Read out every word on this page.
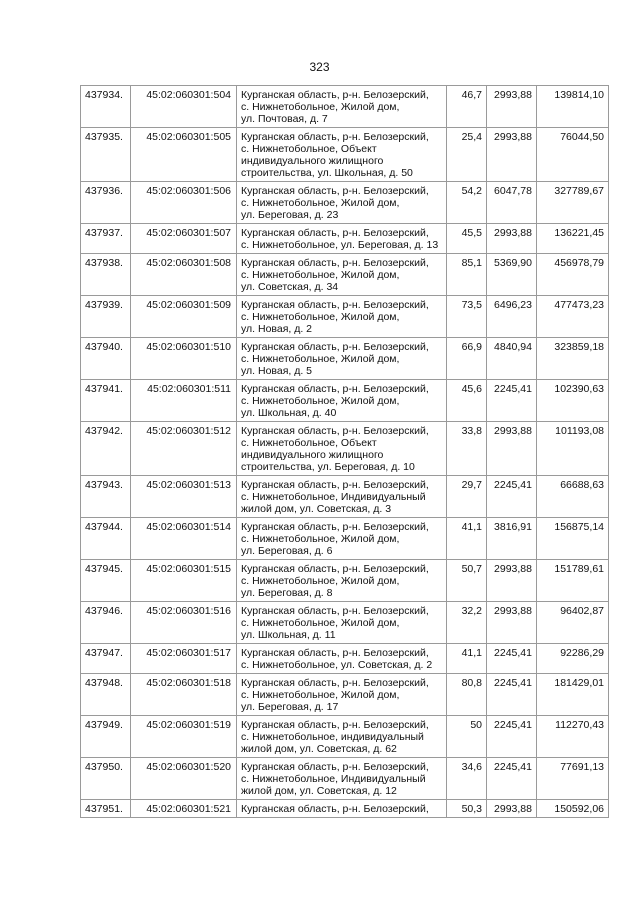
323
437934.	45:02:060301:504	Курганская область, р-н. Белозерский,
с. Нижнетобольное, Жилой дом,
ул. Почтовая, д. 7	46,7	2993,88	139814,10
437935.	45:02:060301:505	Курганская область, р-н. Белозерский,
с. Нижнетобольное, Объект
индивидуального жилищного
строительства, ул. Школьная, д. 50	25,4	2993,88	76044,50
437936.	45:02:060301:506	Курганская область, р-н. Белозерский,
с. Нижнетобольное, Жилой дом,
ул. Береговая, д. 23	54,2	6047,78	327789,67
437937.	45:02:060301:507	Курганская область, р-н. Белозерский,
с. Нижнетобольное, ул. Береговая, д. 13	45,5	2993,88	136221,45
437938.	45:02:060301:508	Курганская область, р-н. Белозерский,
с. Нижнетобольное, Жилой дом,
ул. Советская, д. 34	85,1	5369,90	456978,79
437939.	45:02:060301:509	Курганская область, р-н. Белозерский,
с. Нижнетобольное, Жилой дом,
ул. Новая, д. 2	73,5	6496,23	477473,23
437940.	45:02:060301:510	Курганская область, р-н. Белозерский,
с. Нижнетобольное, Жилой дом,
ул. Новая, д. 5	66,9	4840,94	323859,18
437941.	45:02:060301:511	Курганская область, р-н. Белозерский,
с. Нижнетобольное, Жилой дом,
ул. Школьная, д. 40	45,6	2245,41	102390,63
437942.	45:02:060301:512	Курганская область, р-н. Белозерский,
с. Нижнетобольное, Объект
индивидуального жилищного
строительства, ул. Береговая, д. 10	33,8	2993,88	101193,08
437943.	45:02:060301:513	Курганская область, р-н. Белозерский,
с. Нижнетобольное, Индивидуальный
жилой дом, ул. Советская, д. 3	29,7	2245,41	66688,63
437944.	45:02:060301:514	Курганская область, р-н. Белозерский,
с. Нижнетобольное, Жилой дом,
ул. Береговая, д. 6	41,1	3816,91	156875,14
437945.	45:02:060301:515	Курганская область, р-н. Белозерский,
с. Нижнетобольное, Жилой дом,
ул. Береговая, д. 8	50,7	2993,88	151789,61
437946.	45:02:060301:516	Курганская область, р-н. Белозерский,
с. Нижнетобольное, Жилой дом,
ул. Школьная, д. 11	32,2	2993,88	96402,87
437947.	45:02:060301:517	Курганская область, р-н. Белозерский,
с. Нижнетобольное, ул. Советская, д. 2	41,1	2245,41	92286,29
437948.	45:02:060301:518	Курганская область, р-н. Белозерский,
с. Нижнетобольное, Жилой дом,
ул. Береговая, д. 17	80,8	2245,41	181429,01
437949.	45:02:060301:519	Курганская область, р-н. Белозерский,
с. Нижнетобольное, индивидуальный
жилой дом, ул. Советская, д. 62	50	2245,41	112270,43
437950.	45:02:060301:520	Курганская область, р-н. Белозерский,
с. Нижнетобольное, Индивидуальный
жилой дом, ул. Советская, д. 12	34,6	2245,41	77691,13
437951.	45:02:060301:521	Курганская область, р-н. Белозерский,	50,3	2993,88	150592,06
